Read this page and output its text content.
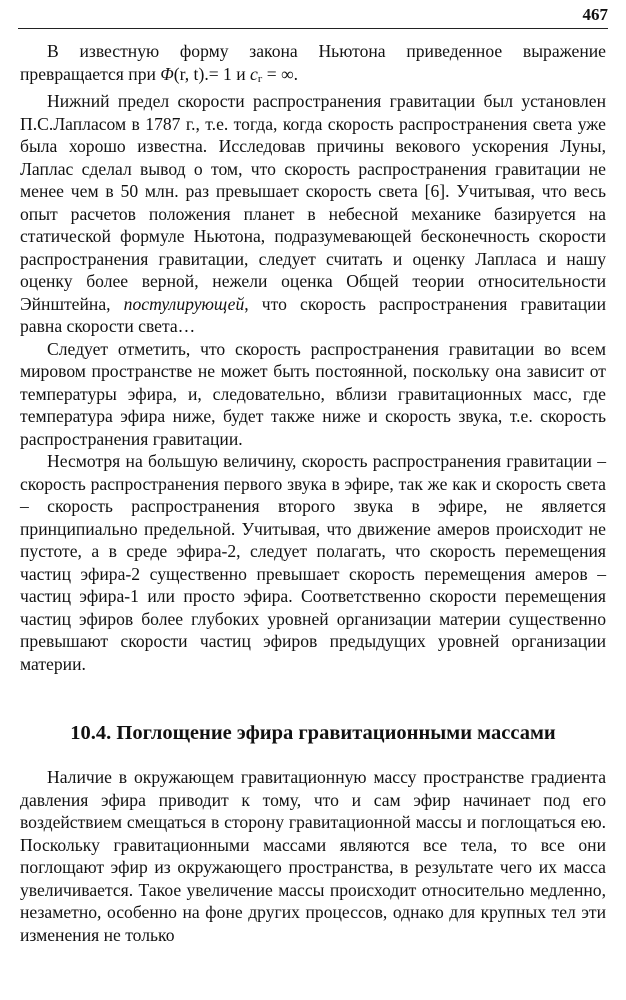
467

В известную форму закона Ньютона приведенное выражение превращается при Φ(r, t).= 1 и $c_г$ = ∞.

Нижний предел скорости распространения гравитации был установлен П.С.Лапласом в 1787 г., т.е. тогда, когда скорость распространения света уже была хорошо известна. Исследовав причины векового ускорения Луны, Лаплас сделал вывод о том, что скорость распространения гравитации не менее чем в 50 млн. раз превышает скорость света [6]. Учитывая, что весь опыт расчетов положения планет в небесной механике базируется на статической формуле Ньютона, подразумевающей бесконечность скорости распространения гравитации, следует считать и оценку Лапласа и нашу оценку более верной, нежели оценка Общей теории относительности Эйнштейна, постулирующей, что скорость распространения гравитации равна скорости света…

Следует отметить, что скорость распространения гравитации во всем мировом пространстве не может быть постоянной, поскольку она зависит от температуры эфира, и, следовательно, вблизи гравитационных масс, где температура эфира ниже, будет также ниже и скорость звука, т.е. скорость распространения гравитации.

Несмотря на большую величину, скорость распространения гравитации – скорость распространения первого звука в эфире, так же как и скорость света – скорость распространения второго звука в эфире, не является принципиально предельной. Учитывая, что движение амеров происходит не пустоте, а в среде эфира-2, следует полагать, что скорость перемещения частиц эфира-2 существенно превышает скорость перемещения амеров – частиц эфира-1 или просто эфира. Соответственно скорости перемещения частиц эфиров более глубоких уровней организации материи существенно превышают скорости частиц эфиров предыдущих уровней организации материи.

10.4. Поглощение эфира гравитационными массами

Наличие в окружающем гравитационную массу пространстве градиента давления эфира приводит к тому, что и сам эфир начинает под его воздействием смещаться в сторону гравитационной массы и поглощаться ею. Поскольку гравитационными массами являются все тела, то все они поглощают эфир из окружающего пространства, в результате чего их масса увеличивается. Такое увеличение массы происходит относительно медленно, незаметно, особенно на фоне других процессов, однако для крупных тел эти изменения не только
